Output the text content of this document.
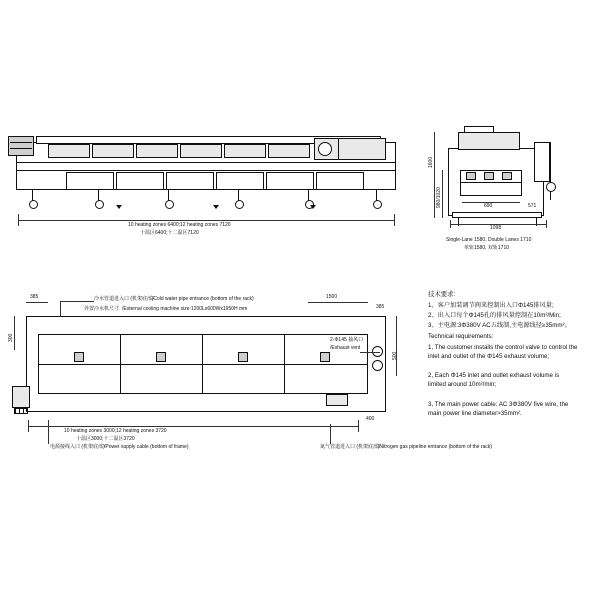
10 heating zones 6400;12 heating zones 7120
十温区6400;十二温区7120
1600
980/1020	690	571
1098
Single-Lane 1580, Double Lanes 1710
单轨1580, 双轨1710
385	1500
385
300
500
400
10 heating zones 3000;12 heating zones 3720
十温区3000;十二温区3720
冷水管道进入口 (机架底部)
/Cold water pipe entrance (bottom of the rack)
外置冷水机尺寸 /External cooling machine size:1200Lx600Wx1950H mm
2-Φ145 抽风口
/Exhaust vent
电源接线入口 (机架底部) /Power supply cable (bottom of frame)	氮气管道进入口 (机架底部)
/Nitrogen gas pipeline entrance (bottom of the rack)
技术要求:
1、客户加装调节阀来控制出入口Φ145排风量;
2、出入口每个Φ145孔的排风量控制在10m²/Min;
3、主电源:3Φ380V AC五线制,主电源线径≥35mm²。
Technical requirements:
1, The customer installs the control valve to control the inlet and outlet of the Φ145 exhaust volume;
2, Each Φ145 inlet and outlet exhaust volume is limited around 10m²/min;
3, The main power cable: AC 3Φ380V five wire, the main power line diameter>35mm².
